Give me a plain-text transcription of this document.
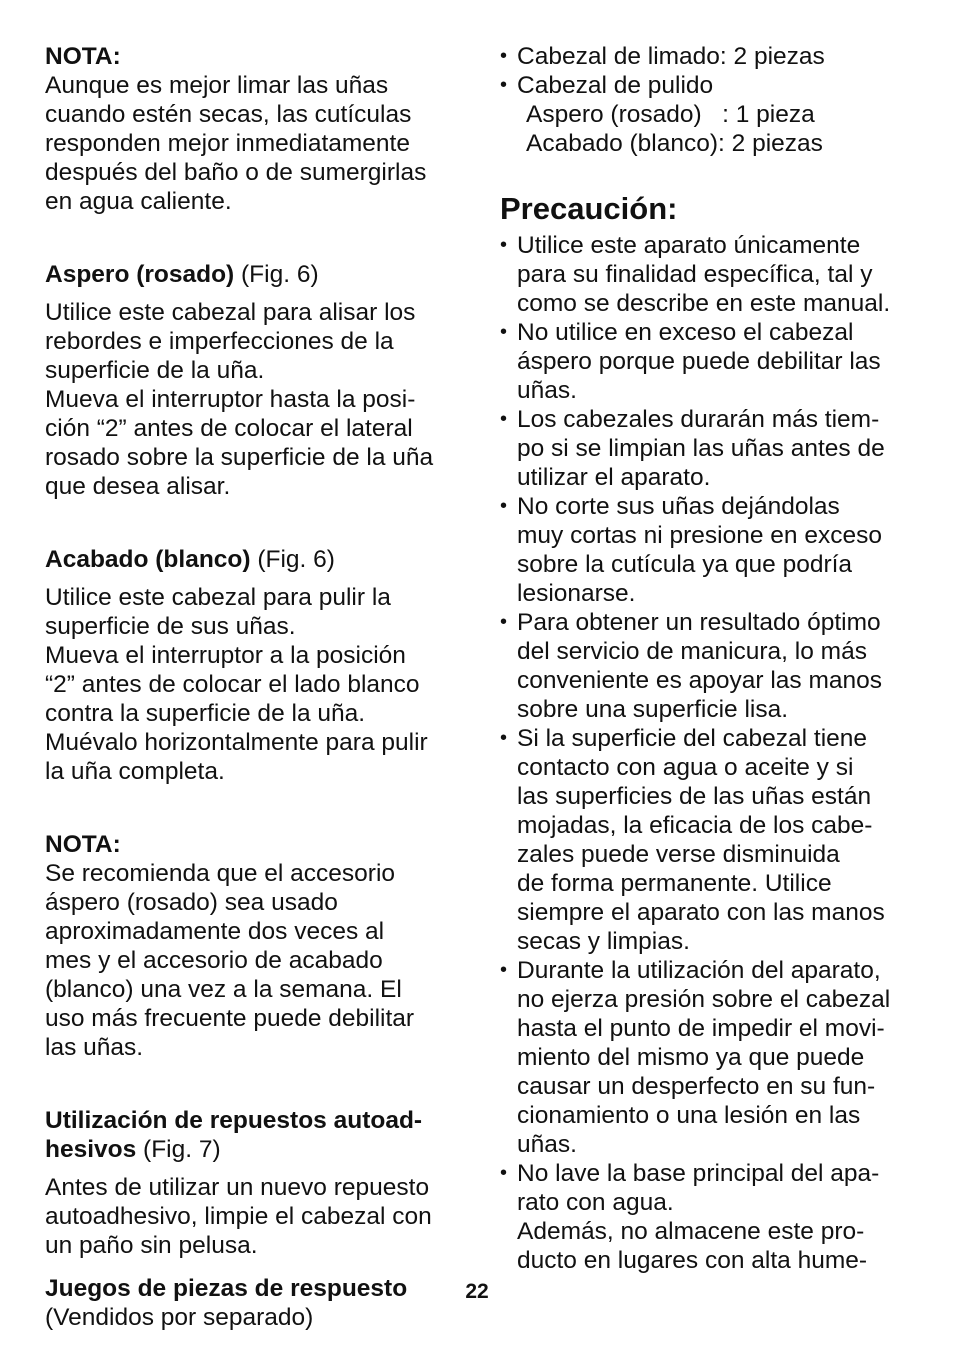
NOTA:
Aunque es mejor limar las uñas
cuando estén secas, las cutículas
responden mejor inmediatamente
después del baño o de sumergirlas
en agua caliente.
Aspero (rosado) (Fig. 6)
Utilice este cabezal para alisar los
rebordes e imperfecciones de la
superficie de la uña.
Mueva el interruptor hasta la posi-
ción “2” antes de colocar el lateral
rosado sobre la superficie de la uña
que desea alisar.
Acabado (blanco) (Fig. 6)
Utilice este cabezal para pulir la
superficie de sus uñas.
Mueva el interruptor a la posición
“2” antes de colocar el lado blanco
contra la superficie de la uña.
Muévalo horizontalmente para pulir
la uña completa.
NOTA:
Se recomienda que el accesorio
áspero (rosado) sea usado
aproximadamente dos veces al
mes y el accesorio de acabado
(blanco) una vez a la semana. El
uso más frecuente puede debilitar
las uñas.
Utilización de repuestos autoad-
hesivos (Fig. 7)
Antes de utilizar un nuevo repuesto
autoadhesivo, limpie el cabezal con
un paño sin pelusa.
Juegos de piezas de respuesto
(Vendidos por separado)
• Cabezal de limado: 2 piezas
• Cabezal de pulido
Aspero (rosado)   : 1 pieza
Acabado (blanco): 2 piezas
Precaución:
• Utilice este aparato únicamente
para su finalidad específica, tal y
como se describe en este manual.
• No utilice en exceso el cabezal
áspero porque puede debilitar las
uñas.
• Los cabezales durarán más tiem-
po si se limpian las uñas antes de
utilizar el aparato.
• No corte sus uñas dejándolas
muy cortas ni presione en exceso
sobre la cutícula ya que podría
lesionarse.
• Para obtener un resultado óptimo
del servicio de manicura, lo más
conveniente es apoyar las manos
sobre una superficie lisa.
• Si la superficie del cabezal tiene
contacto con agua o aceite y si
las superficies de las uñas están
mojadas, la eficacia de los cabe-
zales puede verse disminuida
de forma permanente. Utilice
siempre el aparato con las manos
secas y limpias.
• Durante la utilización del aparato,
no ejerza presión sobre el cabezal
hasta el punto de impedir el movi-
miento del mismo ya que puede
causar un desperfecto en su fun-
cionamiento o una lesión en las
uñas.
• No lave la base principal del apa-
rato con agua.
Además, no almacene este pro-
ducto en lugares con alta hume-
22
